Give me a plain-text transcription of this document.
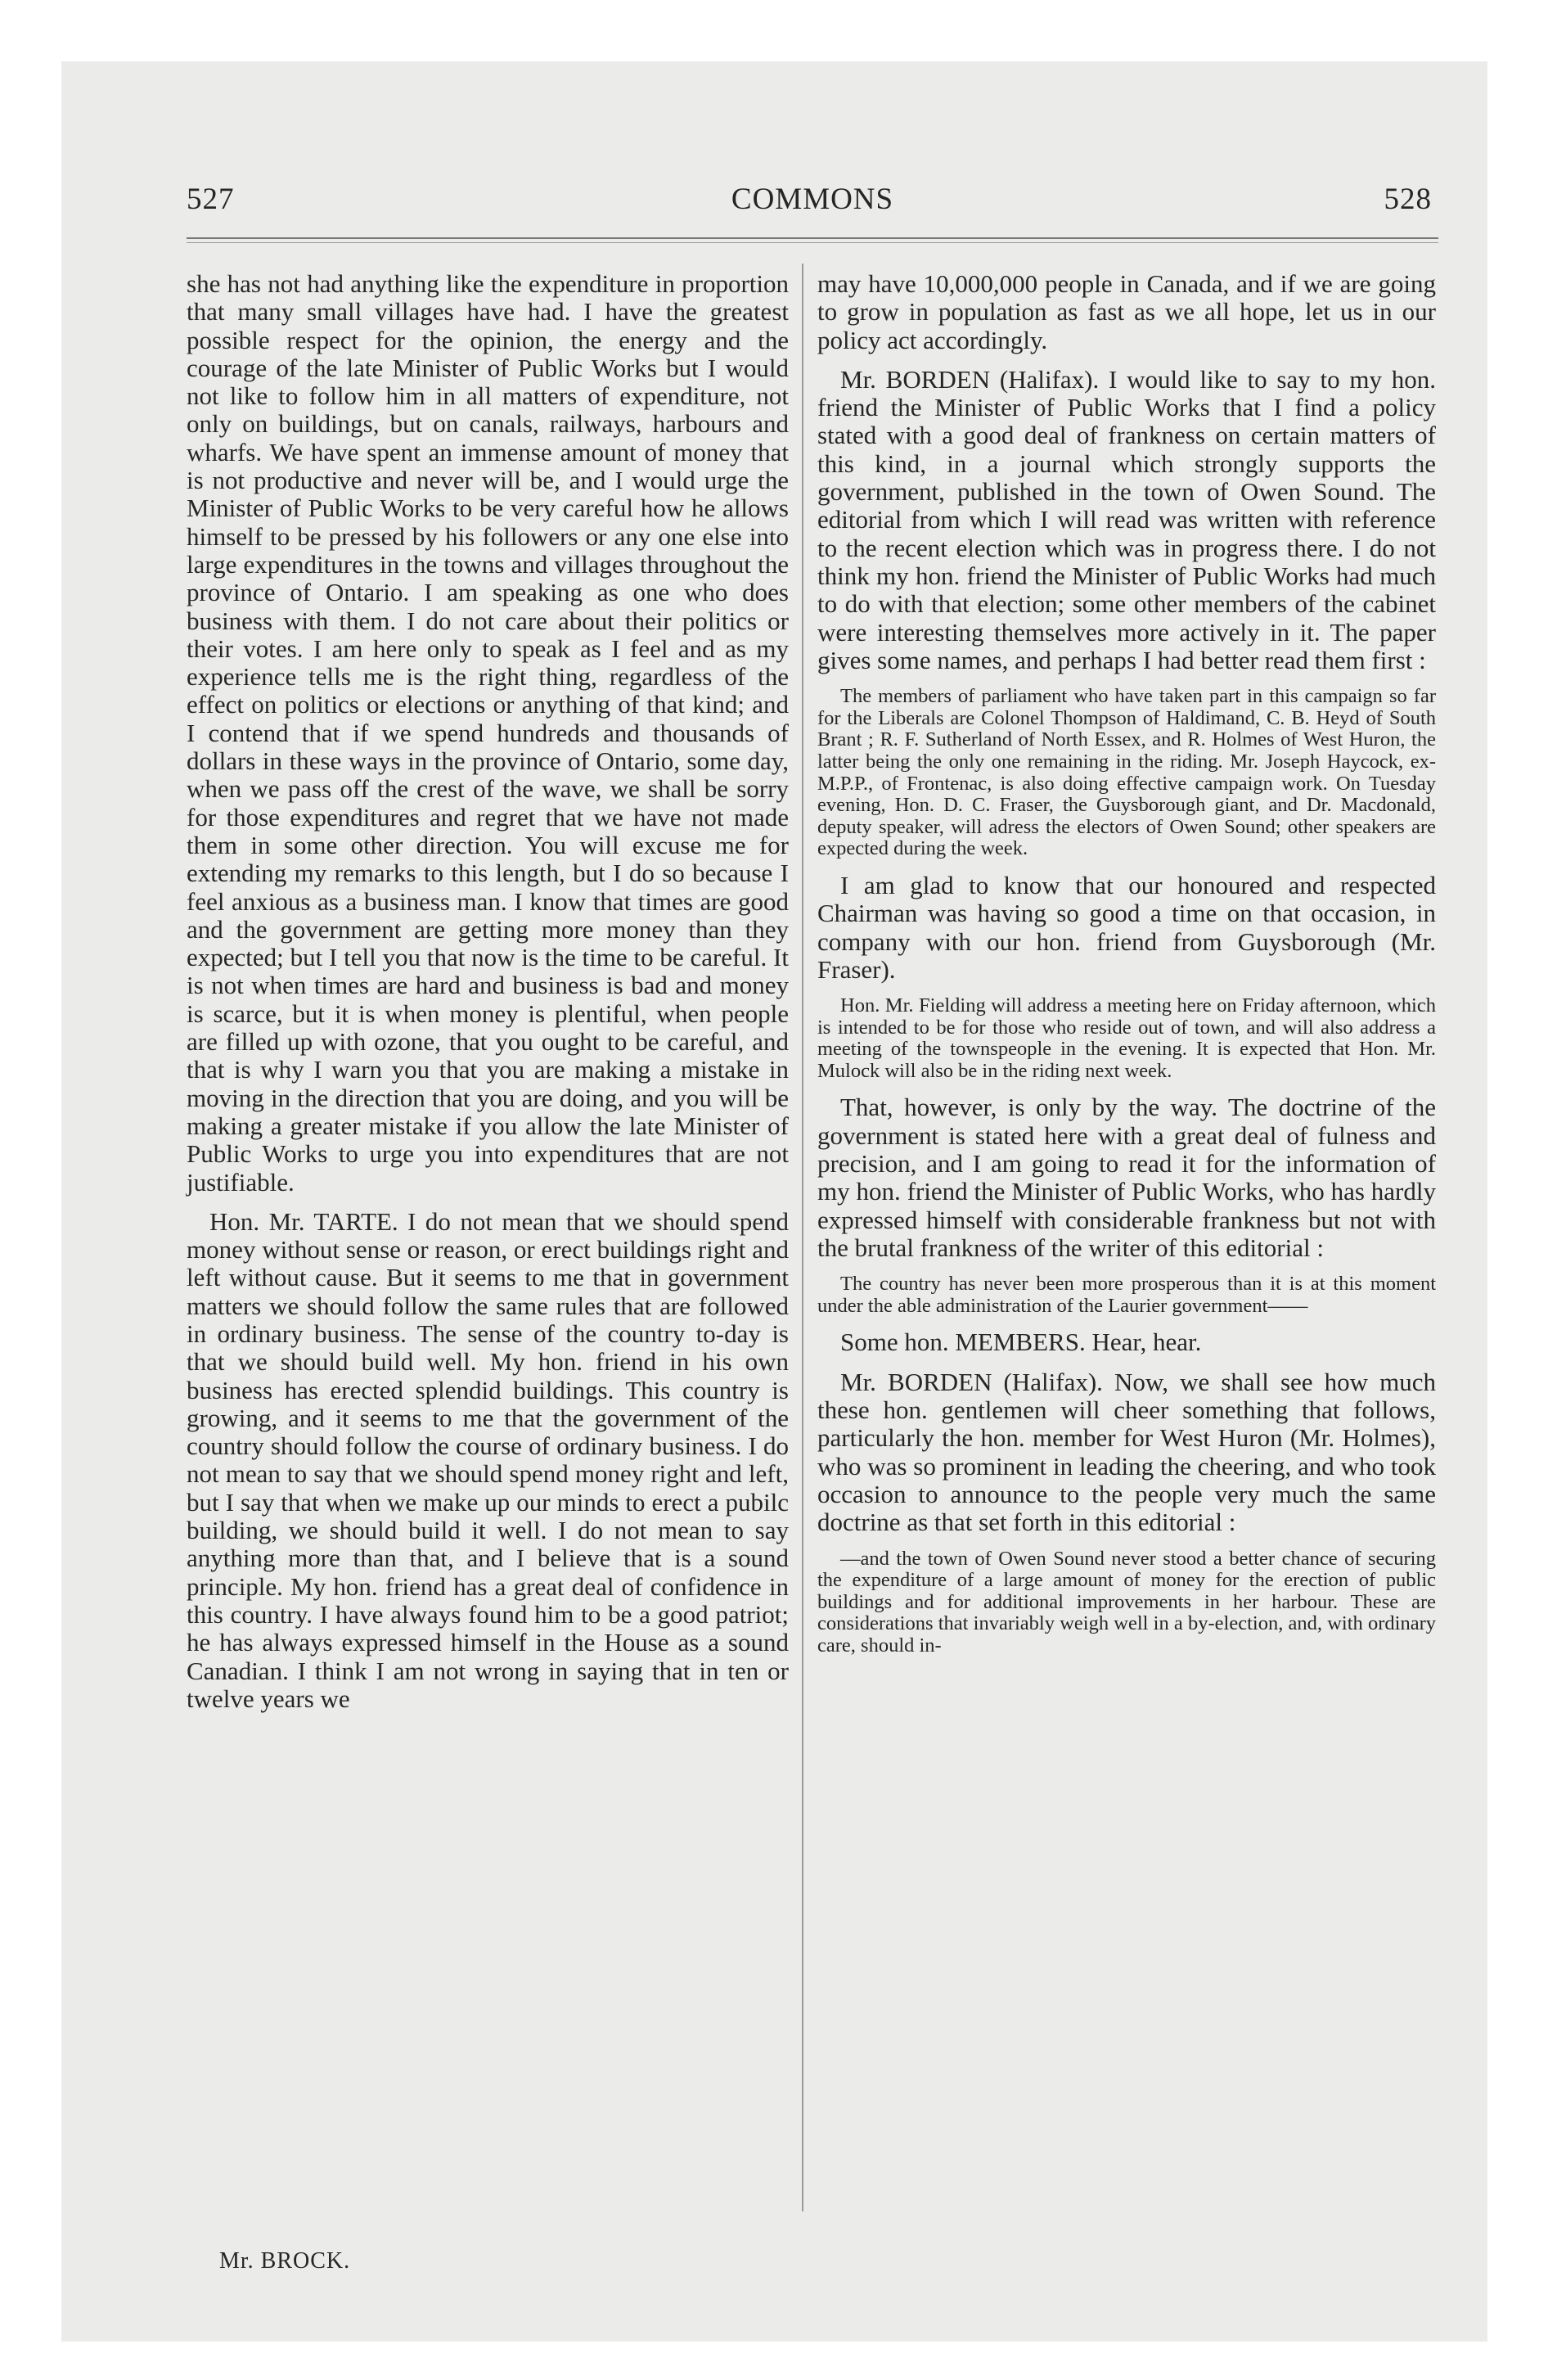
527	COMMONS	528

she has not had anything like the expenditure in proportion that many small villages have had. I have the greatest possible respect for the opinion, the energy and the courage of the late Minister of Public Works but I would not like to follow him in all matters of expenditure, not only on buildings, but on canals, railways, harbours and wharfs. We have spent an immense amount of money that is not productive and never will be, and I would urge the Minister of Public Works to be very careful how he allows himself to be pressed by his followers or any one else into large expenditures in the towns and villages throughout the province of Ontario. I am speaking as one who does business with them. I do not care about their politics or their votes. I am here only to speak as I feel and as my experience tells me is the right thing, regardless of the effect on politics or elections or anything of that kind; and I contend that if we spend hundreds and thousands of dollars in these ways in the province of Ontario, some day, when we pass off the crest of the wave, we shall be sorry for those expenditures and regret that we have not made them in some other direction. You will excuse me for extending my remarks to this length, but I do so because I feel anxious as a business man. I know that times are good and the government are getting more money than they expected; but I tell you that now is the time to be careful. It is not when times are hard and business is bad and money is scarce, but it is when money is plentiful, when people are filled up with ozone, that you ought to be careful, and that is why I warn you that you are making a mistake in moving in the direction that you are doing, and you will be making a greater mistake if you allow the late Minister of Public Works to urge you into expenditures that are not justifiable.

Hon. Mr. TARTE. I do not mean that we should spend money without sense or reason, or erect buildings right and left without cause. But it seems to me that in government matters we should follow the same rules that are followed in ordinary business. The sense of the country to-day is that we should build well. My hon. friend in his own business has erected splendid buildings. This country is growing, and it seems to me that the government of the country should follow the course of ordinary business. I do not mean to say that we should spend money right and left, but I say that when we make up our minds to erect a pubilc building, we should build it well. I do not mean to say anything more than that, and I believe that is a sound principle. My hon. friend has a great deal of confidence in this country. I have always found him to be a good patriot; he has always expressed himself in the House as a sound Canadian. I think I am not wrong in saying that in ten or twelve years we

may have 10,000,000 people in Canada, and if we are going to grow in population as fast as we all hope, let us in our policy act accordingly.

Mr. BORDEN (Halifax). I would like to say to my hon. friend the Minister of Public Works that I find a policy stated with a good deal of frankness on certain matters of this kind, in a journal which strongly supports the government, published in the town of Owen Sound. The editorial from which I will read was written with reference to the recent election which was in progress there. I do not think my hon. friend the Minister of Public Works had much to do with that election; some other members of the cabinet were interesting themselves more actively in it. The paper gives some names, and perhaps I had better read them first :

The members of parliament who have taken part in this campaign so far for the Liberals are Colonel Thompson of Haldimand, C. B. Heyd of South Brant ; R. F. Sutherland of North Essex, and R. Holmes of West Huron, the latter being the only one remaining in the riding. Mr. Joseph Haycock, ex-M.P.P., of Frontenac, is also doing effective campaign work. On Tuesday evening, Hon. D. C. Fraser, the Guysborough giant, and Dr. Macdonald, deputy speaker, will adress the electors of Owen Sound; other speakers are expected during the week.

I am glad to know that our honoured and respected Chairman was having so good a time on that occasion, in company with our hon. friend from Guysborough (Mr. Fraser).

Hon. Mr. Fielding will address a meeting here on Friday afternoon, which is intended to be for those who reside out of town, and will also address a meeting of the townspeople in the evening. It is expected that Hon. Mr. Mulock will also be in the riding next week.

That, however, is only by the way. The doctrine of the government is stated here with a great deal of fulness and precision, and I am going to read it for the information of my hon. friend the Minister of Public Works, who has hardly expressed himself with considerable frankness but not with the brutal frankness of the writer of this editorial :

The country has never been more prosperous than it is at this moment under the able administration of the Laurier government——

Some hon. MEMBERS. Hear, hear.

Mr. BORDEN (Halifax). Now, we shall see how much these hon. gentlemen will cheer something that follows, particularly the hon. member for West Huron (Mr. Holmes), who was so prominent in leading the cheering, and who took occasion to announce to the people very much the same doctrine as that set forth in this editorial :

—and the town of Owen Sound never stood a better chance of securing the expenditure of a large amount of money for the erection of public buildings and for additional improvements in her harbour. These are considerations that invariably weigh well in a by-election, and, with ordinary care, should in-

Mr. BROCK.
